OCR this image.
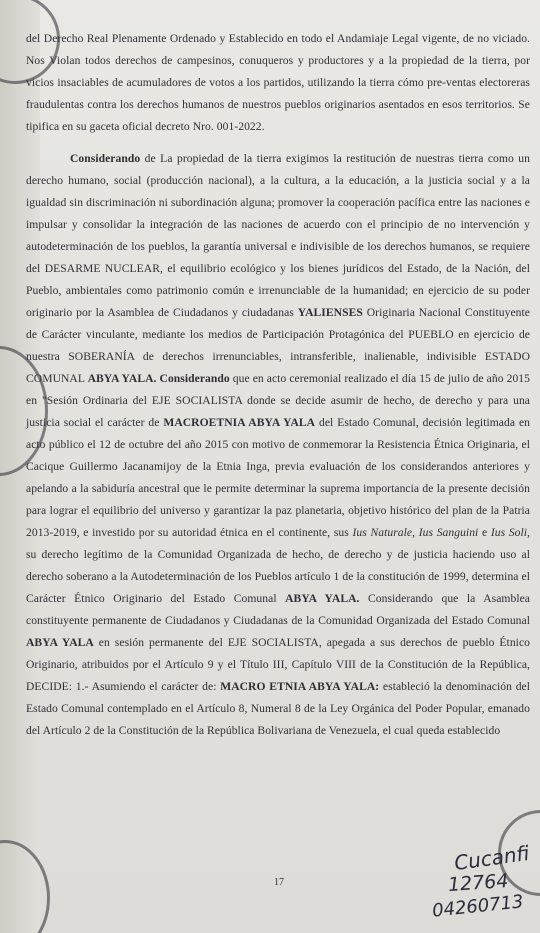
del Derecho Real Plenamente Ordenado y Establecido en todo el Andamiaje Legal vigente, de no viciado. Nos Violan todos derechos de campesinos, conuqueros y productores y a la propiedad de la tierra, por vicios insaciables de acumuladores de votos a los partidos, utilizando la tierra cómo pre-ventas electoreras fraudulentas contra los derechos humanos de nuestros pueblos originarios asentados en esos territorios. Se tipifica en su gaceta oficial decreto Nro. 001-2022.

Considerando de La propiedad de la tierra exigimos la restitución de nuestras tierra como un derecho humano, social (producción nacional), a la cultura, a la educación, a la justicia social y a la igualdad sin discriminación ni subordinación alguna; promover la cooperación pacífica entre las naciones e impulsar y consolidar la integración de las naciones de acuerdo con el principio de no intervención y autodeterminación de los pueblos, la garantía universal e indivisible de los derechos humanos, se requiere del DESARME NUCLEAR, el equilibrio ecológico y los bienes jurídicos del Estado, de la Nación, del Pueblo, ambientales como patrimonio común e irrenunciable de la humanidad; en ejercicio de su poder originario por la Asamblea de Ciudadanos y ciudadanas YALIENSES Originaria Nacional Constituyente de Carácter vinculante, mediante los medios de Participación Protagónica del PUEBLO en ejercicio de nuestra SOBERANÍA de derechos irrenunciables, intransferible, inalienable, indivisible ESTADO COMUNAL ABYA YALA. Considerando que en acto ceremonial realizado el día 15 de julio de año 2015 en "Sesión Ordinaria del EJE SOCIALISTA donde se decide asumir de hecho, de derecho y para una justicia social el carácter de MACROETNIA ABYA YALA del Estado Comunal, decisión legitimada en acto público el 12 de octubre del año 2015 con motivo de conmemorar la Resistencia Étnica Originaria, el Cacique Guillermo Jacanamijoy de la Etnia Inga, previa evaluación de los considerandos anteriores y apelando a la sabiduría ancestral que le permite determinar la suprema importancia de la presente decisión para lograr el equilibrio del universo y garantizar la paz planetaria, objetivo histórico del plan de la Patria 2013-2019, e investido por su autoridad étnica en el continente, sus Ius Naturale, Ius Sanguini e Ius Soli, su derecho legítimo de la Comunidad Organizada de hecho, de derecho y de justicia haciendo uso al derecho soberano a la Autodeterminación de los Pueblos artículo 1 de la constitución de 1999, determina el Carácter Étnico Originario del Estado Comunal ABYA YALA. Considerando que la Asamblea constituyente permanente de Ciudadanos y Ciudadanas de la Comunidad Organizada del Estado Comunal ABYA YALA en sesión permanente del EJE SOCIALISTA, apegada a sus derechos de pueblo Étnico Originario, atribuidos por el Artículo 9 y el Título III, Capítulo VIII de la Constitución de la República, DECIDE: 1.- Asumiendo el carácter de: MACRO ETNIA ABYA YALA: estableció la denominación del Estado Comunal contemplado en el Artículo 8, Numeral 8 de la Ley Orgánica del Poder Popular, emanado del Artículo 2 de la Constitución de la República Bolivariana de Venezuela, el cual queda establecido

17
Cucanfi
12764
04260713
